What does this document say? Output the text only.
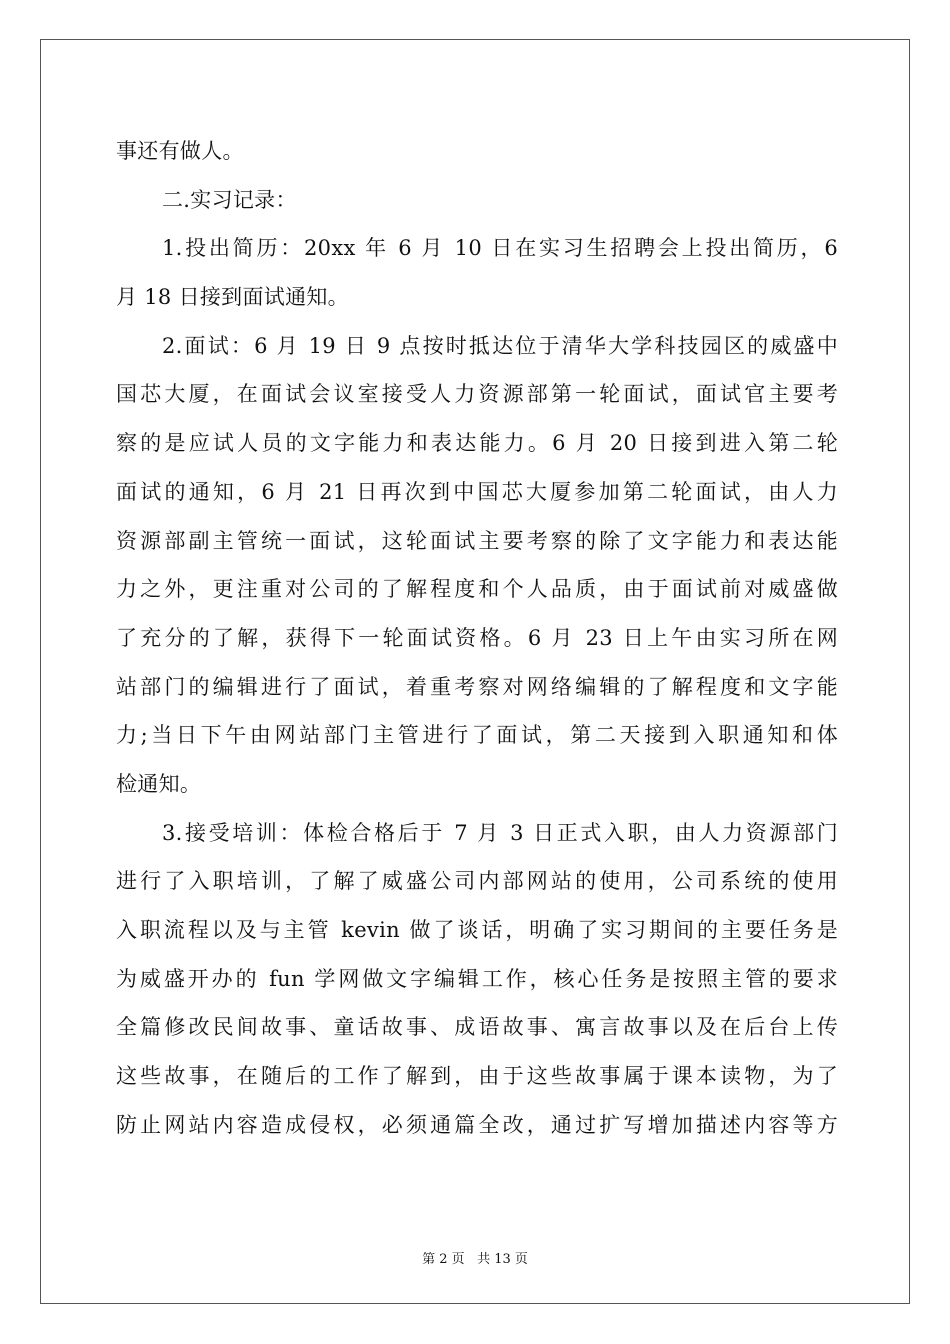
事还有做人。
二.实习记录：
1.投出简历：20xx 年 6 月 10 日在实习生招聘会上投出简历，6
月 18 日接到面试通知。
2.面试：6 月 19 日 9 点按时抵达位于清华大学科技园区的威盛中
国芯大厦，在面试会议室接受人力资源部第一轮面试，面试官主要考
察的是应试人员的文字能力和表达能力。6 月 20 日接到进入第二轮
面试的通知，6 月 21 日再次到中国芯大厦参加第二轮面试，由人力
资源部副主管统一面试，这轮面试主要考察的除了文字能力和表达能
力之外，更注重对公司的了解程度和个人品质，由于面试前对威盛做
了充分的了解，获得下一轮面试资格。6 月 23 日上午由实习所在网
站部门的编辑进行了面试，着重考察对网络编辑的了解程度和文字能
力;当日下午由网站部门主管进行了面试，第二天接到入职通知和体
检通知。
3.接受培训：体检合格后于 7 月 3 日正式入职，由人力资源部门
进行了入职培训，了解了威盛公司内部网站的使用，公司系统的使用
入职流程以及与主管 kevin 做了谈话，明确了实习期间的主要任务是
为威盛开办的 fun 学网做文字编辑工作，核心任务是按照主管的要求
全篇修改民间故事、童话故事、成语故事、寓言故事以及在后台上传
这些故事，在随后的工作了解到，由于这些故事属于课本读物，为了
防止网站内容造成侵权，必须通篇全改，通过扩写增加描述内容等方
第 2 页 共 13 页
